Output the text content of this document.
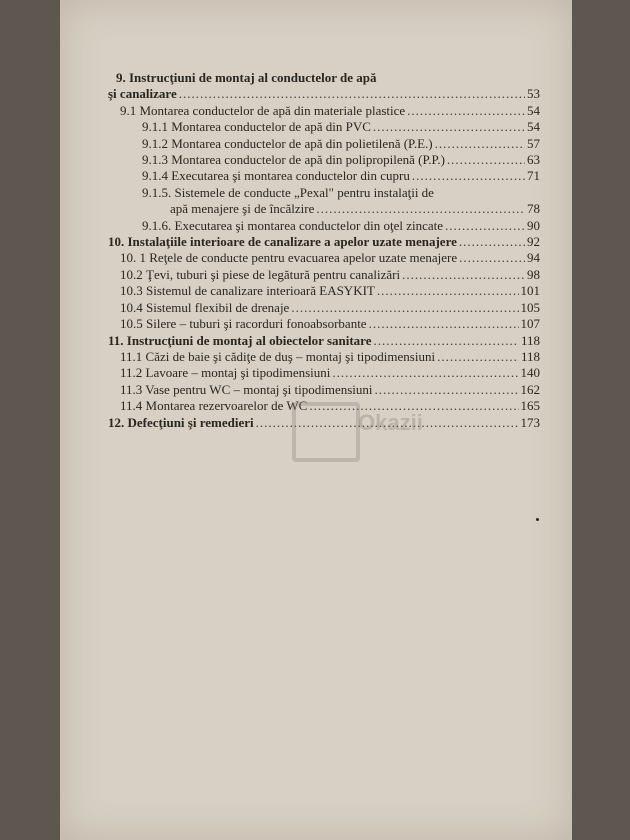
9. Instrucţiuni de montaj al conductelor de apă
şi canalizare .....	53
9.1 Montarea conductelor de apă din materiale plastice .....	54
9.1.1 Montarea conductelor de apă din PVC .....	54
9.1.2 Montarea conductelor de apă din polietilenă (P.E.) .....	57
9.1.3 Montarea conductelor de apă din polipropilenă (P.P.) .....	63
9.1.4 Executarea şi montarea conductelor din cupru .....	71
9.1.5. Sistemele de conducte „Pexal" pentru instalaţii de
apă menajere şi de încălzire .....	78
9.1.6. Executarea şi montarea conductelor din oţel zincate .....	90
10. Instalaţiile interioare de canalizare a apelor uzate menajere .....	92
10. 1 Reţele de conducte pentru evacuarea apelor uzate menajere .....	94
10.2 Ţevi, tuburi şi piese de legătură pentru canalizări .....	98
10.3 Sistemul de canalizare interioară EASYKIT .....	101
10.4 Sistemul flexibil de drenaje .....	105
10.5 Silere – tuburi şi racorduri fonoabsorbante .....	107
11. Instrucţiuni de montaj al obiectelor sanitare .....	118
11.1 Căzi de baie şi cădiţe de duş – montaj şi tipodimensiuni .....	118
11.2 Lavoare – montaj şi tipodimensiuni .....	140
11.3 Vase pentru WC – montaj şi tipodimensiuni .....	162
11.4 Montarea rezervoarelor de WC .....	165
12. Defecţiuni şi remedieri .....	173
Okazii
